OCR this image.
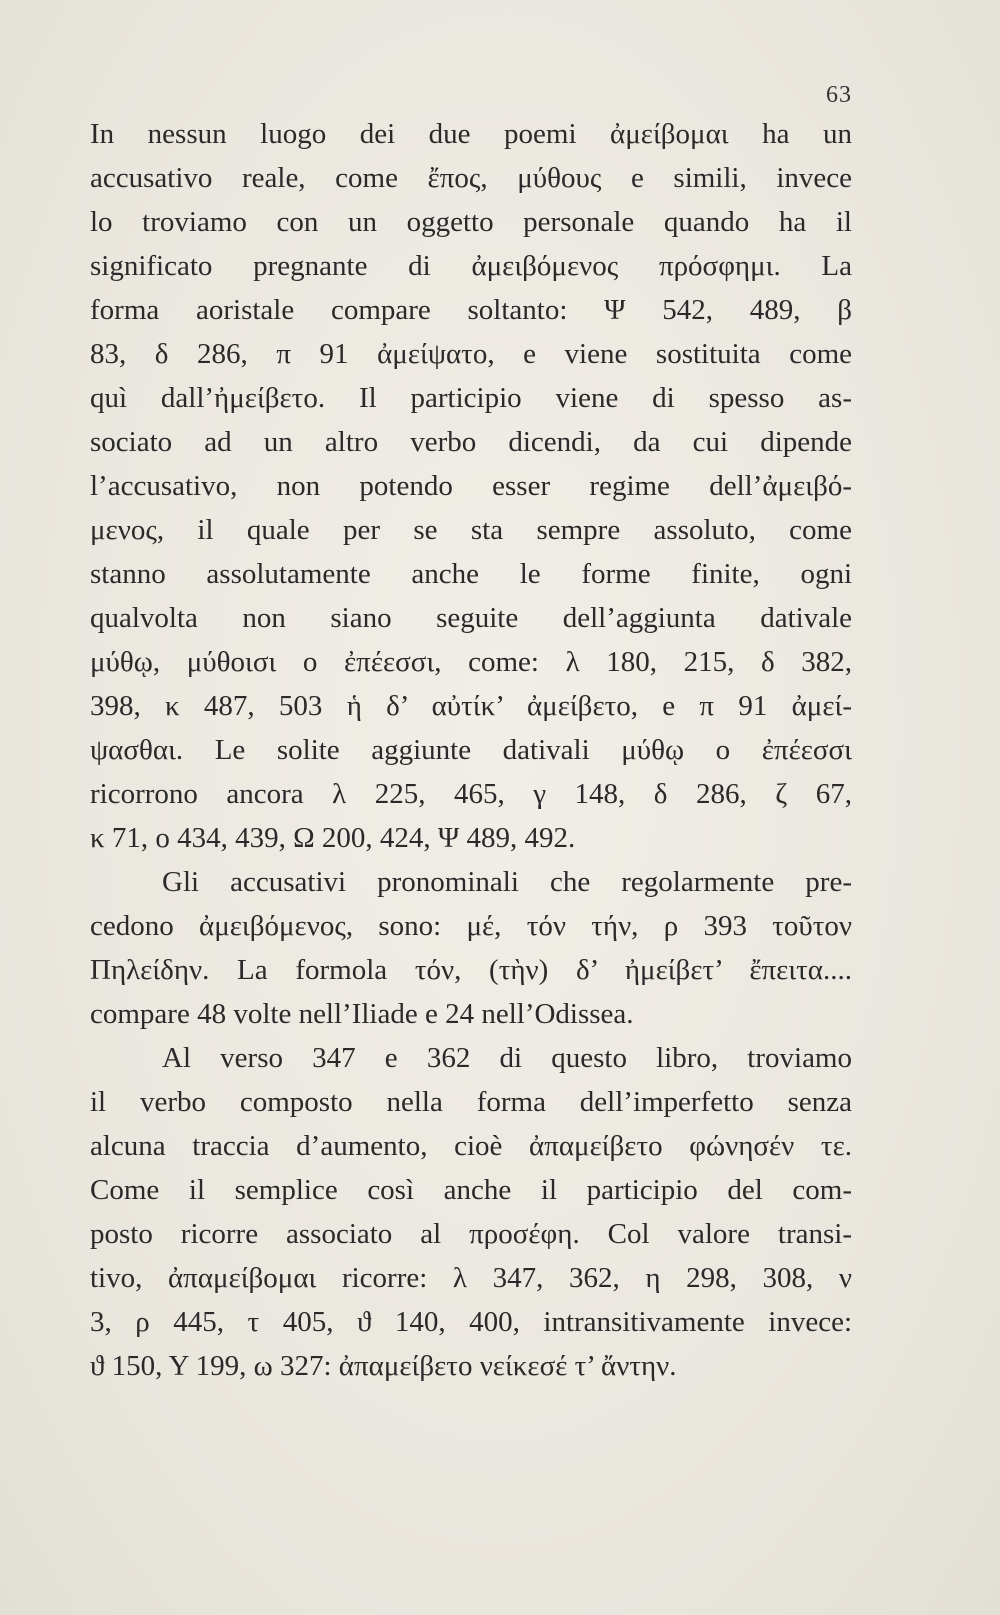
63
In nessun luogo dei due poemi ἀμείβομαι ha un
accusativo reale, come ἔπος, μύθους e simili, invece
lo troviamo con un oggetto personale quando ha il
significato pregnante di ἀμειβόμενος πρόσφημι. La
forma aoristale compare soltanto: Ψ 542, 489, β
83, δ 286, π 91 ἀμείψατο, e viene sostituita come
quì dall’ἠμείβετο. Il participio viene di spesso as-
sociato ad un altro verbo dicendi, da cui dipende
l’accusativo, non potendo esser regime dell’ἀμειβό-
μενος, il quale per se sta sempre assoluto, come
stanno assolutamente anche le forme finite, ogni
qualvolta non siano seguite dell’aggiunta dativale
μύθῳ, μύθοισι o ἐπέεσσι, come: λ 180, 215, δ 382,
398, κ 487, 503 ἡ δ’ αὐτίκ’ ἀμείβετο, e π 91 ἀμεί-
ψασθαι. Le solite aggiunte dativali μύθῳ o ἐπέεσσι
ricorrono ancora λ 225, 465, γ 148, δ 286, ζ 67,
κ 71, ο 434, 439, Ω 200, 424, Ψ 489, 492.
Gli accusativi pronominali che regolarmente pre-
cedono ἀμειβόμενος, sono: μέ, τόν τήν, ρ 393 τοῦτον
Πηλείδην. La formola τόν, (τὴν) δ’ ἠμείβετ’ ἔπειτα....
compare 48 volte nell’Iliade e 24 nell’Odissea.
Al verso 347 e 362 di questo libro, troviamo
il verbo composto nella forma dell’imperfetto senza
alcuna traccia d’aumento, cioè ἀπαμείβετο φώνησέν τε.
Come il semplice così anche il participio del com-
posto ricorre associato al προσέφη. Col valore transi-
tivo, ἀπαμείβομαι ricorre: λ 347, 362, η 298, 308, ν
3, ρ 445, τ 405, ϑ 140, 400, intransitivamente invece:
ϑ 150, Υ 199, ω 327: ἀπαμείβετο νείκεσέ τ’ ἄντην.
